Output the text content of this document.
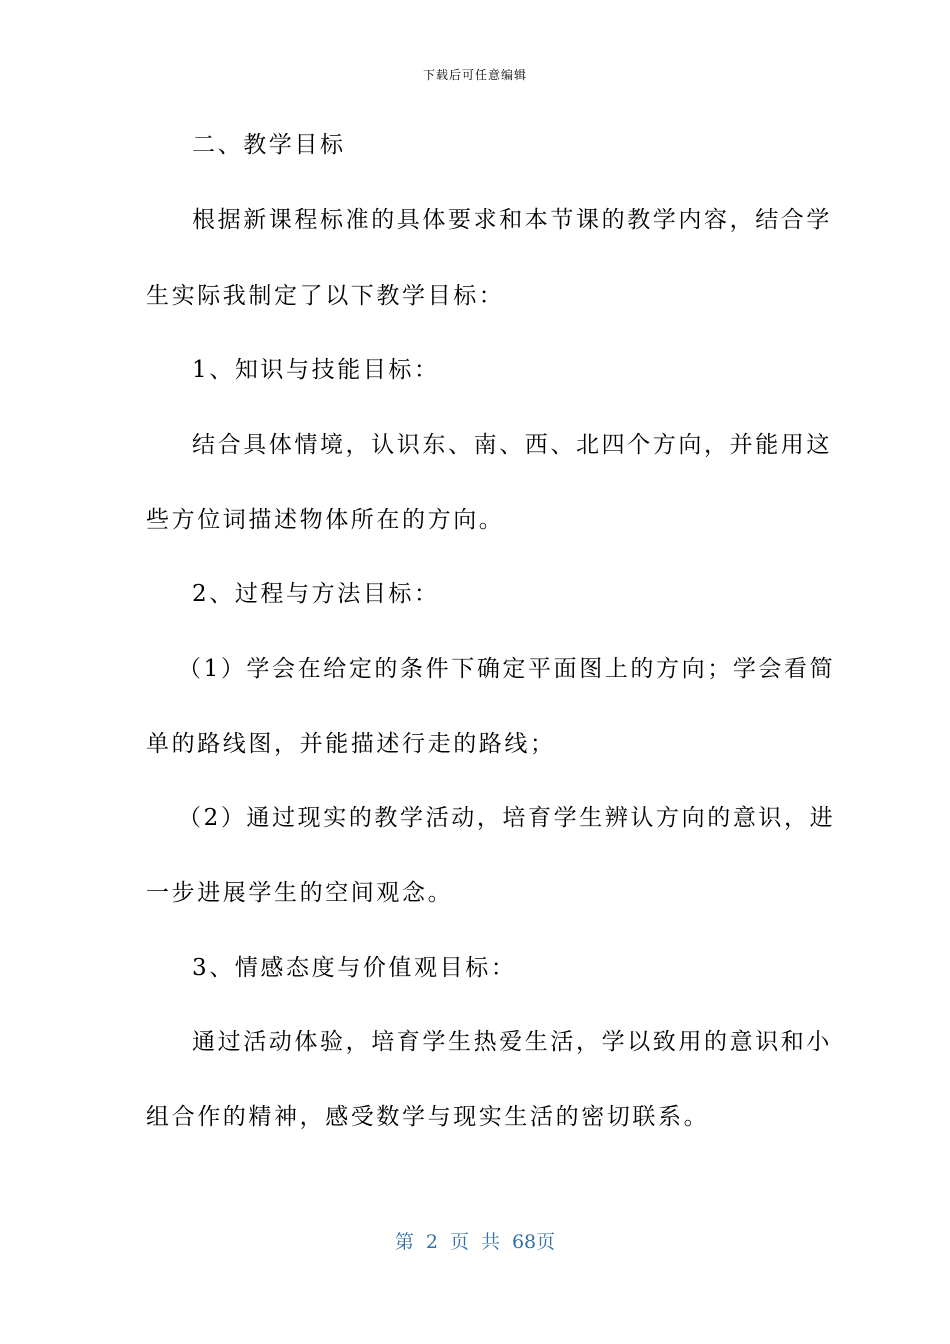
下载后可任意编辑
二、教学目标
根据新课程标准的具体要求和本节课的教学内容，结合学
生实际我制定了以下教学目标：
1、知识与技能目标：
结合具体情境，认识东、南、西、北四个方向，并能用这
些方位词描述物体所在的方向。
2、过程与方法目标：
（1）学会在给定的条件下确定平面图上的方向；学会看简
单的路线图，并能描述行走的路线；
（2）通过现实的教学活动，培育学生辨认方向的意识，进
一步进展学生的空间观念。
3、情感态度与价值观目标：
通过活动体验，培育学生热爱生活，学以致用的意识和小
组合作的精神，感受数学与现实生活的密切联系。
第 2 页 共 68页
